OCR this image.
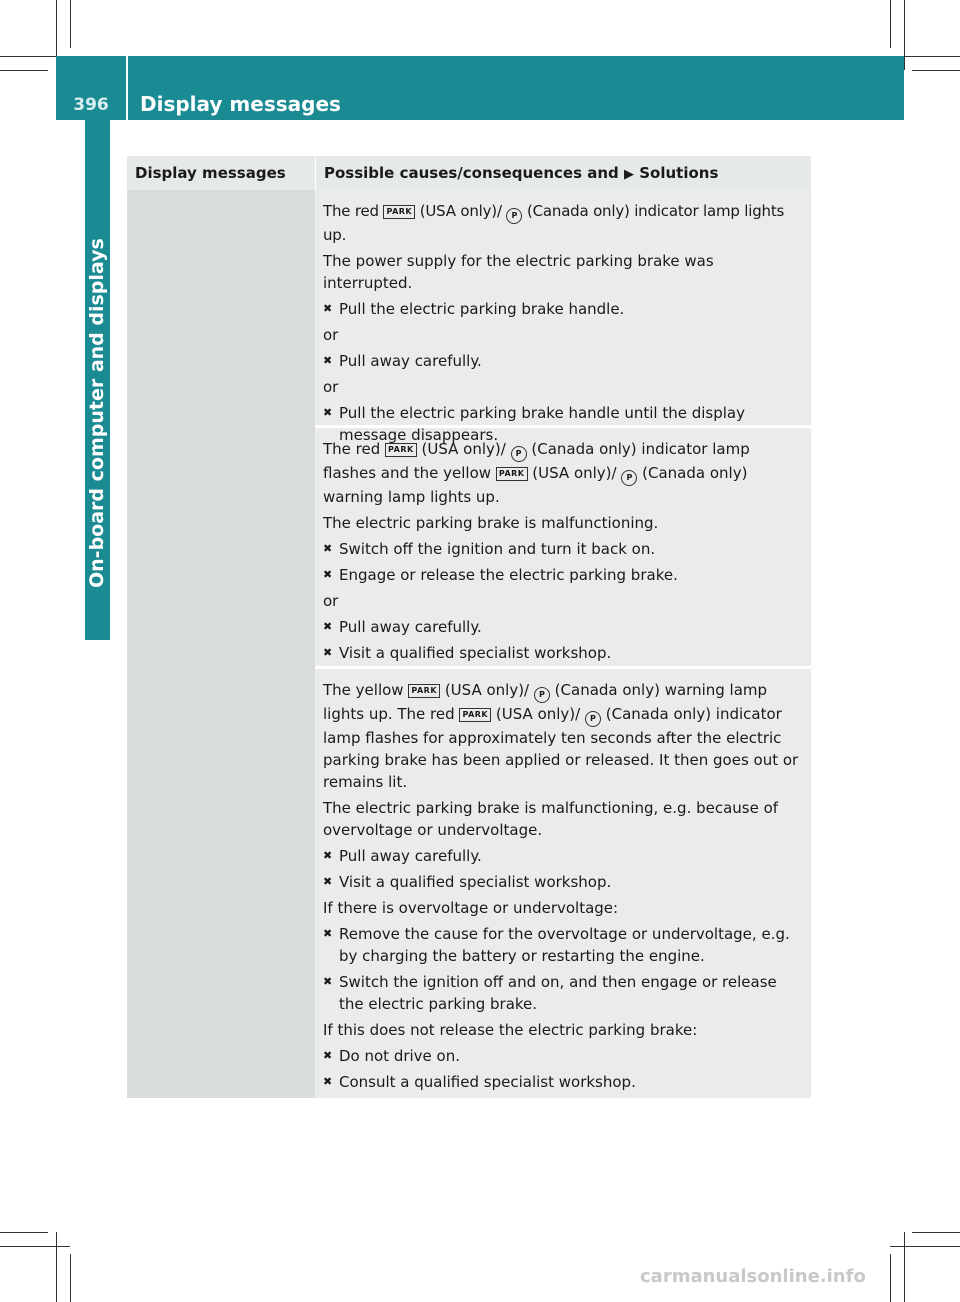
396	Display messages
On-board computer and displays
Display messages	Possible causes/consequences and ▶ Solutions

The red PARK (USA only)/ P (Canada only) indicator lamp lights up.

The power supply for the electric parking brake was interrupted.

✖ Pull the electric parking brake handle.
or
✖ Pull away carefully.
or
✖ Pull the electric parking brake handle until the display message disappears.

The red PARK (USA only)/ P (Canada only) indicator lamp flashes and the yellow PARK (USA only)/ P (Canada only) warning lamp lights up.

The electric parking brake is malfunctioning.

✖ Switch off the ignition and turn it back on.
✖ Engage or release the electric parking brake.
or
✖ Pull away carefully.
✖ Visit a qualified specialist workshop.

The yellow PARK (USA only)/ P (Canada only) warning lamp lights up. The red PARK (USA only)/ P (Canada only) indicator lamp flashes for approximately ten seconds after the electric parking brake has been applied or released. It then goes out or remains lit.

The electric parking brake is malfunctioning, e.g. because of overvoltage or undervoltage.

✖ Pull away carefully.
✖ Visit a qualified specialist workshop.

If there is overvoltage or undervoltage:

✖ Remove the cause for the overvoltage or undervoltage, e.g. by charging the battery or restarting the engine.
✖ Switch the ignition off and on, and then engage or release the electric parking brake.

If this does not release the electric parking brake:

✖ Do not drive on.
✖ Consult a qualified specialist workshop.
carmanualsonline.info
